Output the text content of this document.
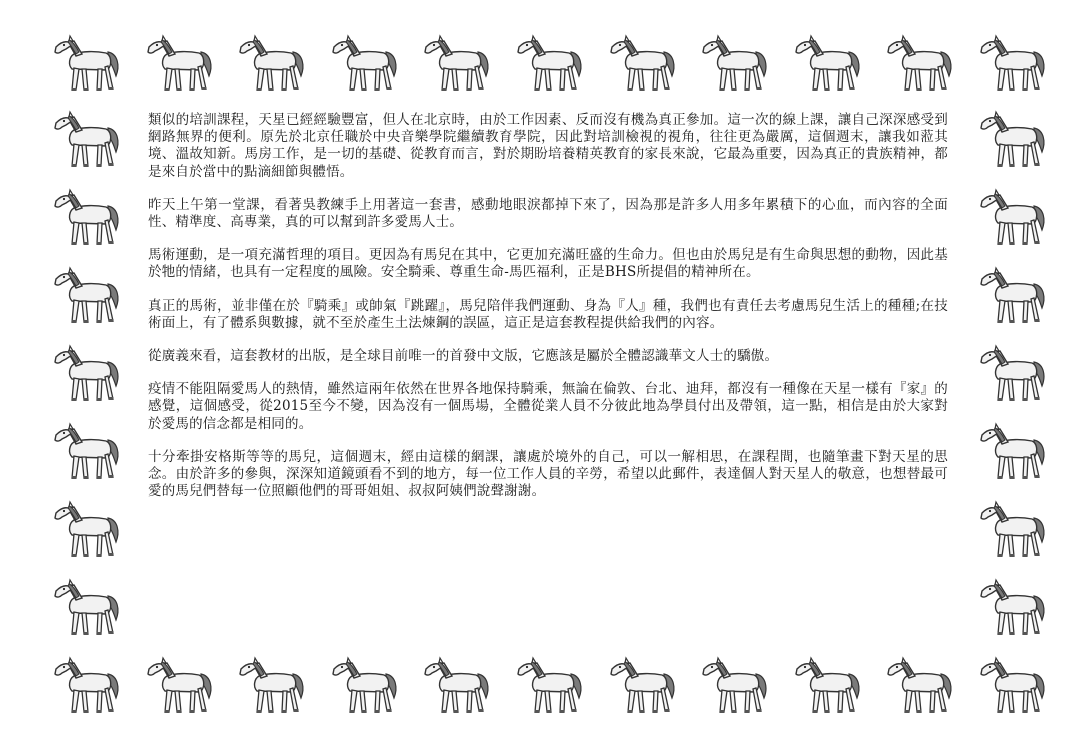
類似的培訓課程，天星已經經驗豐富，但人在北京時，由於工作因素、反而沒有機為真正參加。這一次的線上課，讓自己深深感受到網路無界的便利。原先於北京任職於中央音樂學院繼續教育學院，因此對培訓檢視的視角，往往更為嚴厲，這個週末，讓我如蒞其境、溫故知新。馬房工作，是一切的基礎、從教育而言，對於期盼培養精英教育的家長來說，它最為重要，因為真正的貴族精神，都是來自於當中的點滴細節與體悟。

昨天上午第一堂課，看著吳教練手上用著這一套書，感動地眼淚都掉下來了，因為那是許多人用多年累積下的心血，而內容的全面性、精準度、高專業，真的可以幫到許多愛馬人士。

馬術運動，是一項充滿哲理的項目。更因為有馬兒在其中，它更加充滿旺盛的生命力。但也由於馬兒是有生命與思想的動物，因此基於牠的情緒，也具有一定程度的風險。安全騎乘、尊重生命-馬匹福利，正是BHS所提倡的精神所在。

真正的馬術，並非僅在於『騎乘』或帥氣『跳躍』，馬兒陪伴我們運動、身為『人』種，我們也有責任去考慮馬兒生活上的種種;在技術面上，有了體系與數據，就不至於產生土法煉鋼的誤區，這正是這套教程提供給我們的內容。

從廣義來看，這套教材的出版，是全球目前唯一的首發中文版，它應該是屬於全體認識華文人士的驕傲。

疫情不能阻隔愛馬人的熱情，雖然這兩年依然在世界各地保持騎乘，無論在倫敦、台北、迪拜，都沒有一種像在天星一樣有『家』的感覺，這個感受，從2015至今不變，因為沒有一個馬場，全體從業人員不分彼此地為學員付出及帶領，這一點，相信是由於大家對於愛馬的信念都是相同的。

十分牽掛安格斯等等的馬兒，這個週末，經由這樣的網課，讓處於境外的自己，可以一解相思，在課程間，也隨筆畫下對天星的思念。由於許多的參與，深深知道鏡頭看不到的地方，每一位工作人員的辛勞，希望以此郵件，表達個人對天星人的敬意，也想替最可愛的馬兒們替每一位照顧他們的哥哥姐姐、叔叔阿姨們說聲謝謝。
